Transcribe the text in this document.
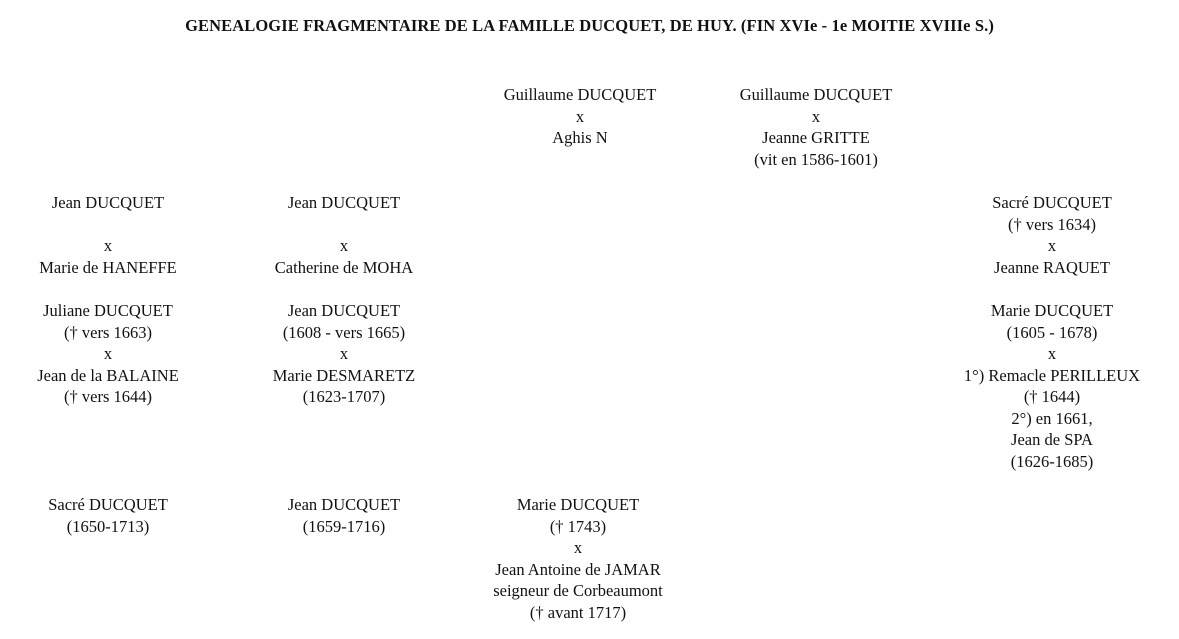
GENEALOGIE FRAGMENTAIRE DE LA FAMILLE DUCQUET, DE HUY. (FIN XVIe - 1e MOITIE XVIIIe S.)
Guillaume DUCQUET
x
Aghis N
Guillaume DUCQUET
x
Jeanne GRITTE
(vit en 1586-1601)
Jean DUCQUET

x
Marie de HANEFFE
Jean DUCQUET

x
Catherine de MOHA
Sacré DUCQUET
(† vers 1634)
x
Jeanne RAQUET
Juliane DUCQUET
(† vers 1663)
x
Jean de la BALAINE
(† vers 1644)
Jean DUCQUET
(1608 - vers 1665)
x
Marie DESMARETZ
(1623-1707)
Marie DUCQUET
(1605 - 1678)
x
1°) Remacle PERILLEUX
(† 1644)
2°) en 1661,
Jean de SPA
(1626-1685)
Sacré DUCQUET
(1650-1713)
Jean DUCQUET
(1659-1716)
Marie DUCQUET
(† 1743)
x
Jean Antoine de JAMAR
seigneur de Corbeaumont
(† avant 1717)
